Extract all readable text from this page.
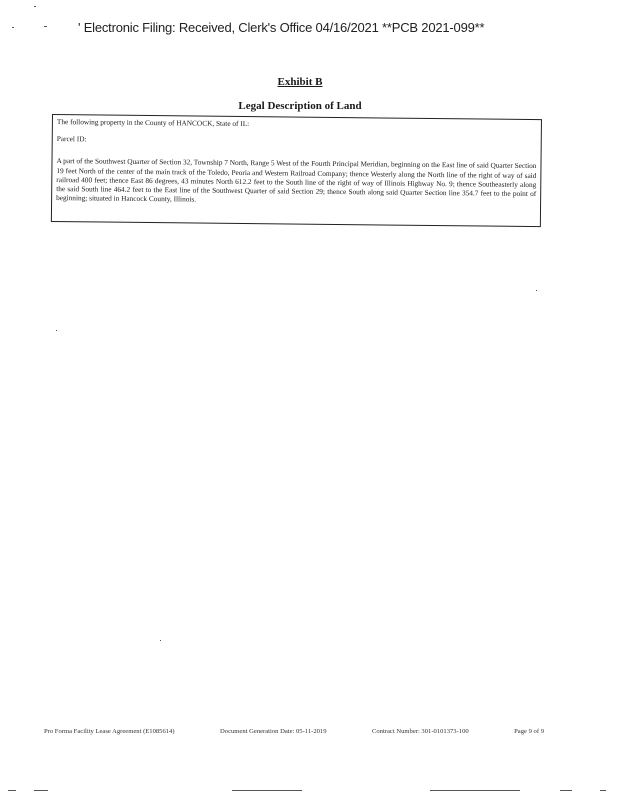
' Electronic Filing: Received, Clerk's Office 04/16/2021 **PCB 2021-099**
Exhibit B
Legal Description of Land

The following property in the County of HANCOCK, State of IL:

Parcel ID:

A part of the Southwest Quarter of Section 32, Township 7 North, Range 5 West of the Fourth Principal Meridian, beginning on the East line of said Quarter Section 19 feet North of the center of the main track of the Toledo, Peoria and Western Railroad Company; thence Westerly along the North line of the right of way of said railroad 400 feet; thence East 86 degrees, 43 minutes North 612.2 feet to the South line of the right of way of Illinois Highway No. 9; thence Southeasterly along the said South line 464.2 feet to the East line of the Southwest Quarter of said Section 29; thence South along said Quarter Section line 354.7 feet to the point of beginning; situated in Hancock County, Illinois.

Pro Forma Facility Lease Agreement (E1085614)	Document Generation Date: 05-11-2019	Contract Number: 301-0101373-100	Page 9 of 9
